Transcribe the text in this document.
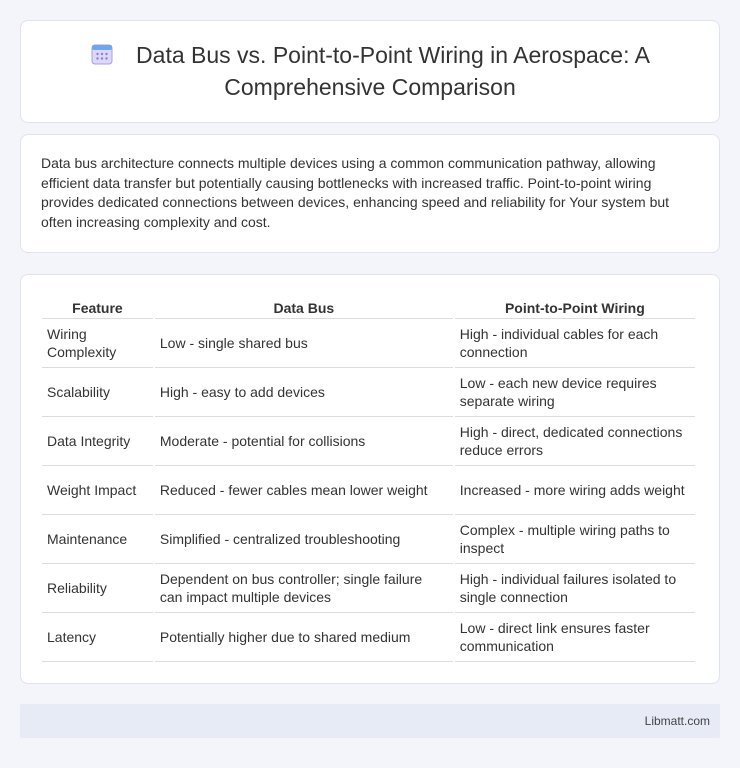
Data Bus vs. Point-to-Point Wiring in Aerospace: A Comprehensive Comparison

Data bus architecture connects multiple devices using a common communication pathway, allowing efficient data transfer but potentially causing bottlenecks with increased traffic. Point-to-point wiring provides dedicated connections between devices, enhancing speed and reliability for Your system but often increasing complexity and cost.

Feature	Data Bus	Point-to-Point Wiring
Wiring Complexity	Low - single shared bus	High - individual cables for each connection
Scalability	High - easy to add devices	Low - each new device requires separate wiring
Data Integrity	Moderate - potential for collisions	High - direct, dedicated connections reduce errors
Weight Impact	Reduced - fewer cables mean lower weight	Increased - more wiring adds weight
Maintenance	Simplified - centralized troubleshooting	Complex - multiple wiring paths to inspect
Reliability	Dependent on bus controller; single failure can impact multiple devices	High - individual failures isolated to single connection
Latency	Potentially higher due to shared medium	Low - direct link ensures faster communication
Libmatt.com
